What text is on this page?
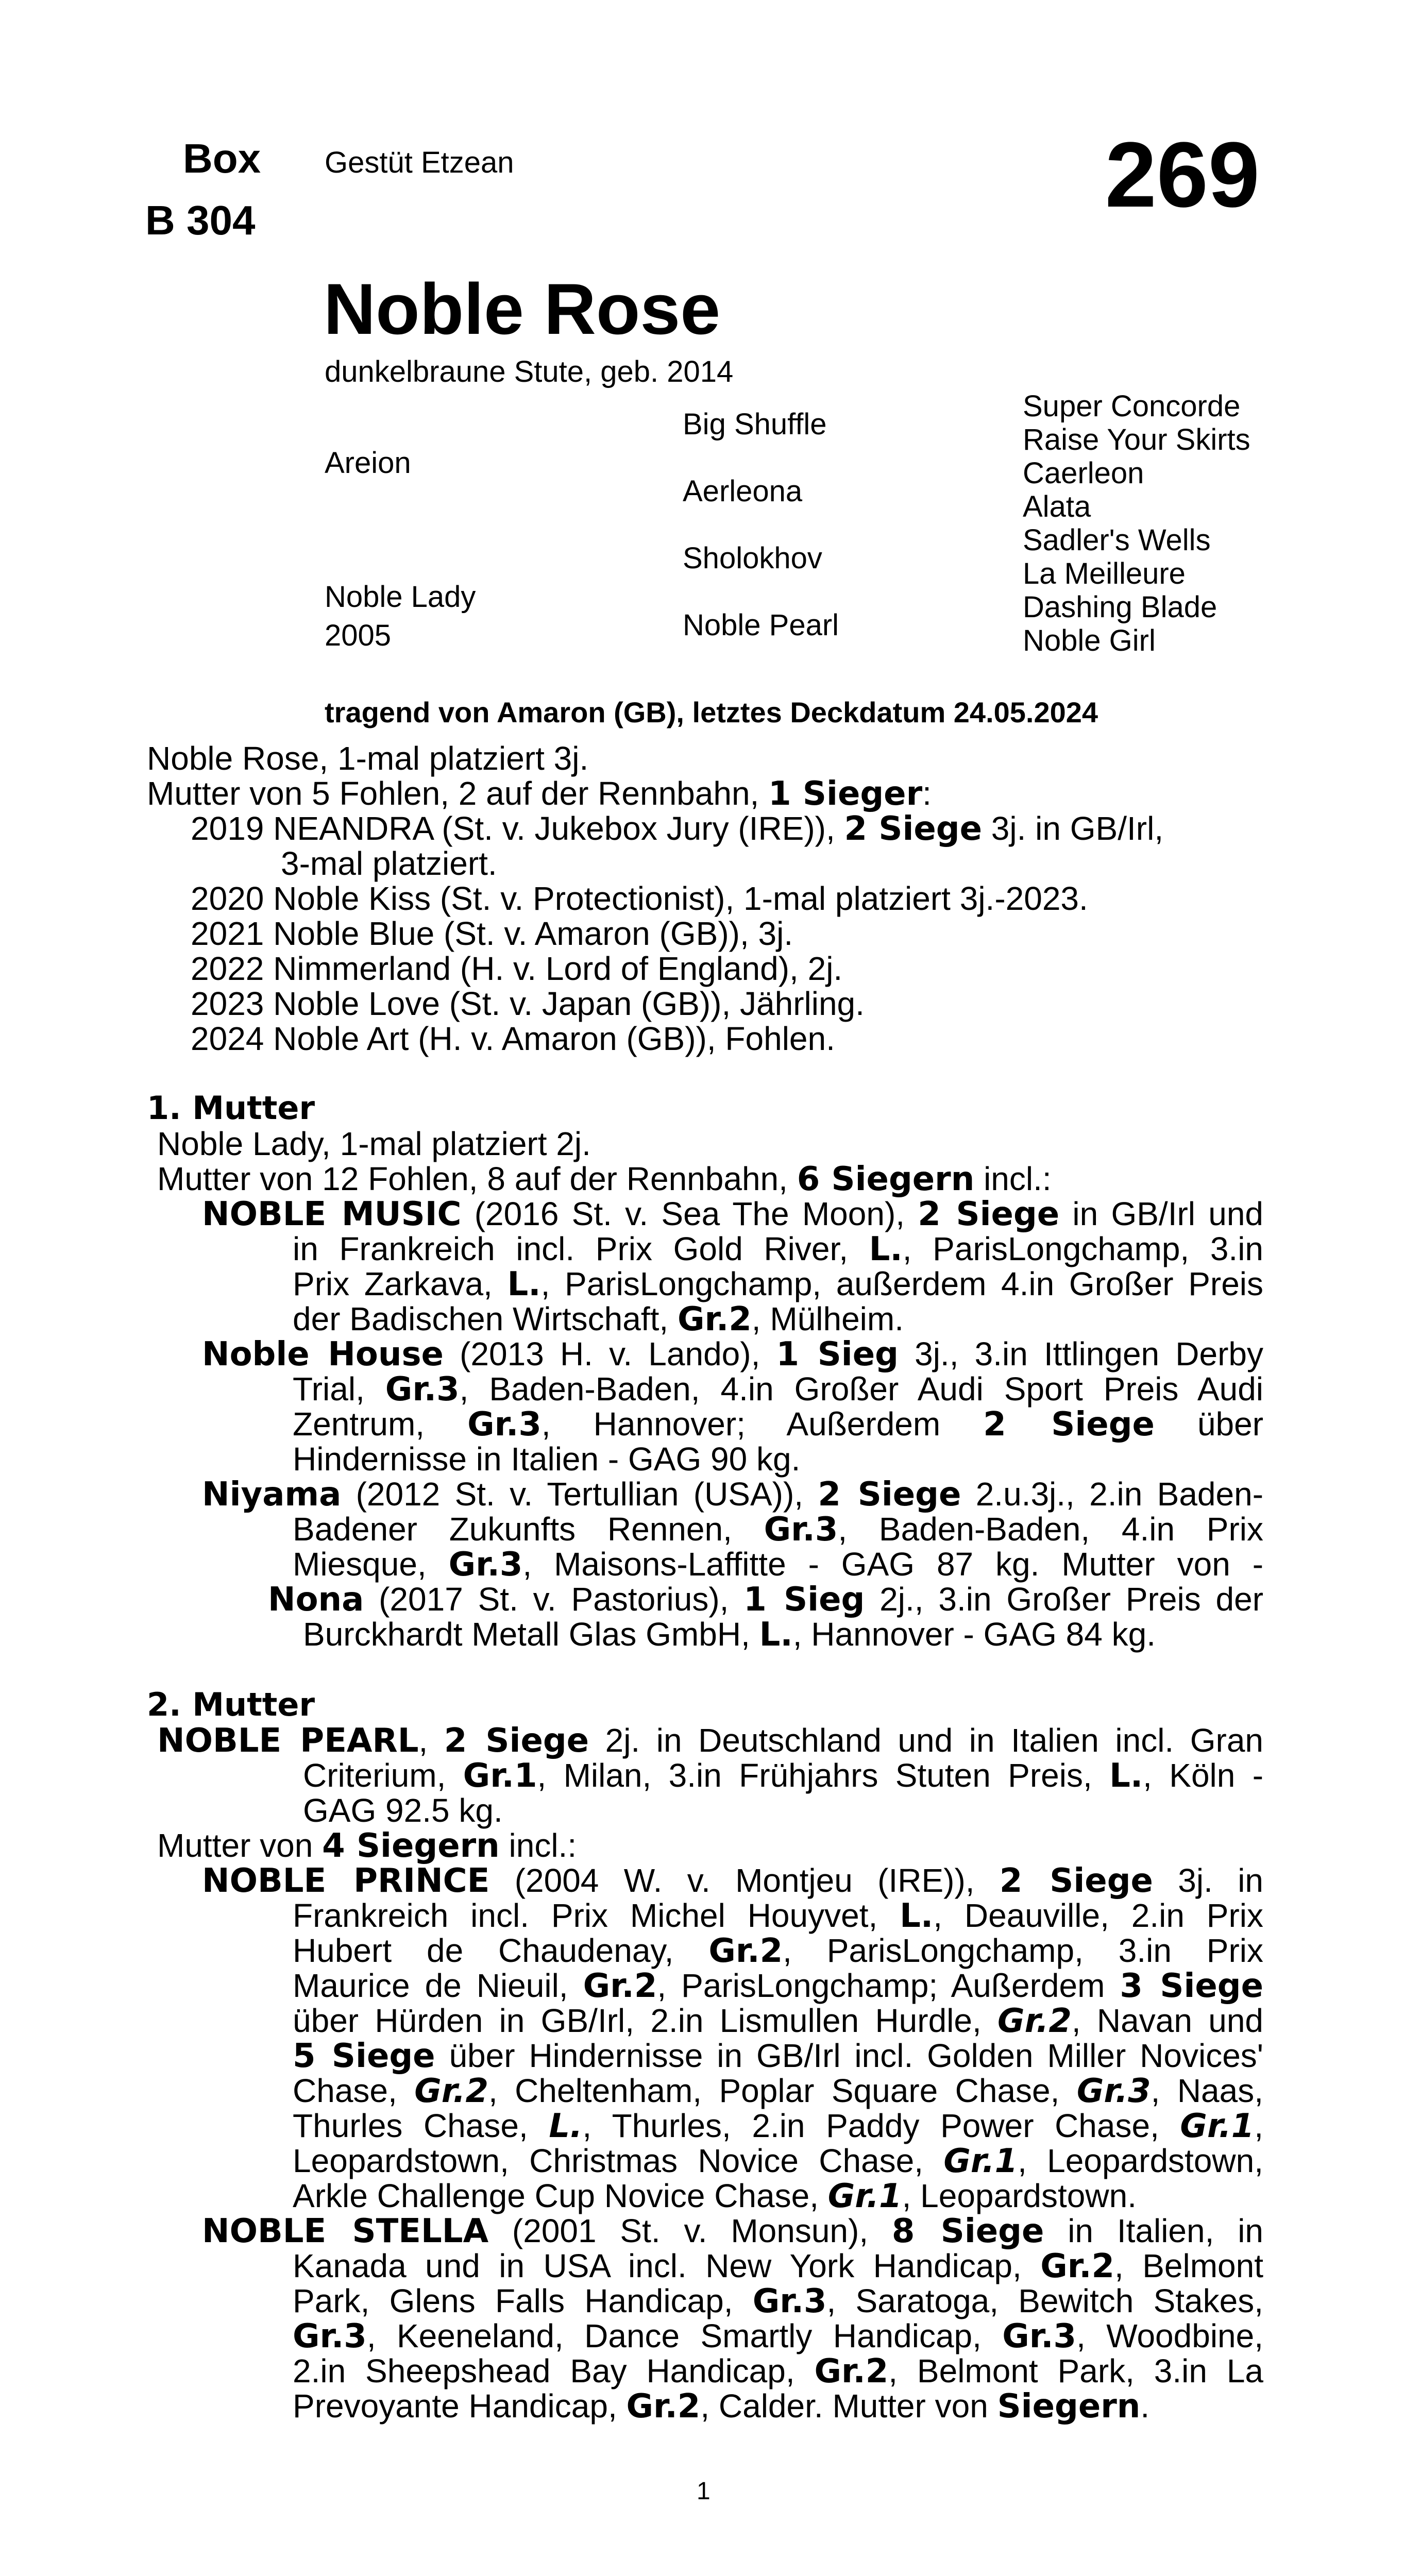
Box
B 304
Gestüt Etzean	269
Noble Rose
dunkelbraune Stute, geb. 2014
Areion
Noble Lady
2005
Big Shuffle
Aerleona
Sholokhov
Noble Pearl
Super Concorde
Raise Your Skirts
Caerleon
Alata
Sadler's Wells
La Meilleure
Dashing Blade
Noble Girl
tragend von Amaron (GB), letztes Deckdatum 24.05.2024
Noble Rose, 1-mal platziert 3j.
Mutter von 5 Fohlen, 2 auf der Rennbahn, 1 Sieger:
2019 NEANDRA (St. v. Jukebox Jury (IRE)), 2 Siege 3j. in GB/Irl,
3-mal platziert.
2020 Noble Kiss (St. v. Protectionist), 1-mal platziert 3j.-2023.
2021 Noble Blue (St. v. Amaron (GB)), 3j.
2022 Nimmerland (H. v. Lord of England), 2j.
2023 Noble Love (St. v. Japan (GB)), Jährling.
2024 Noble Art (H. v. Amaron (GB)), Fohlen.
1. Mutter
Noble Lady, 1-mal platziert 2j.
Mutter von 12 Fohlen, 8 auf der Rennbahn, 6 Siegern incl.:
NOBLE MUSIC (2016 St. v. Sea The Moon), 2 Siege in GB/Irl und
in Frankreich incl. Prix Gold River, L., ParisLongchamp, 3.in
Prix Zarkava, L., ParisLongchamp, außerdem 4.in Großer Preis
der Badischen Wirtschaft, Gr.2, Mülheim.
Noble House (2013 H. v. Lando), 1 Sieg 3j., 3.in Ittlingen Derby
Trial, Gr.3, Baden-Baden, 4.in Großer Audi Sport Preis Audi
Zentrum, Gr.3, Hannover; Außerdem 2 Siege über
Hindernisse in Italien - GAG 90 kg.
Niyama (2012 St. v. Tertullian (USA)), 2 Siege 2.u.3j., 2.in Baden-
Badener Zukunfts Rennen, Gr.3, Baden-Baden, 4.in Prix
Miesque, Gr.3, Maisons-Laffitte - GAG 87 kg. Mutter von -
Nona (2017 St. v. Pastorius), 1 Sieg 2j., 3.in Großer Preis der
Burckhardt Metall Glas GmbH, L., Hannover - GAG 84 kg.
2. Mutter
NOBLE PEARL, 2 Siege 2j. in Deutschland und in Italien incl. Gran
Criterium, Gr.1, Milan, 3.in Frühjahrs Stuten Preis, L., Köln -
GAG 92.5 kg.
Mutter von 4 Siegern incl.:
NOBLE PRINCE (2004 W. v. Montjeu (IRE)), 2 Siege 3j. in
Frankreich incl. Prix Michel Houyvet, L., Deauville, 2.in Prix
Hubert de Chaudenay, Gr.2, ParisLongchamp, 3.in Prix
Maurice de Nieuil, Gr.2, ParisLongchamp; Außerdem 3 Siege
über Hürden in GB/Irl, 2.in Lismullen Hurdle, Gr.2, Navan und
5 Siege über Hindernisse in GB/Irl incl. Golden Miller Novices'
Chase, Gr.2, Cheltenham, Poplar Square Chase, Gr.3, Naas,
Thurles Chase, L., Thurles, 2.in Paddy Power Chase, Gr.1,
Leopardstown, Christmas Novice Chase, Gr.1, Leopardstown,
Arkle Challenge Cup Novice Chase, Gr.1, Leopardstown.
NOBLE STELLA (2001 St. v. Monsun), 8 Siege in Italien, in
Kanada und in USA incl. New York Handicap, Gr.2, Belmont
Park, Glens Falls Handicap, Gr.3, Saratoga, Bewitch Stakes,
Gr.3, Keeneland, Dance Smartly Handicap, Gr.3, Woodbine,
2.in Sheepshead Bay Handicap, Gr.2, Belmont Park, 3.in La
Prevoyante Handicap, Gr.2, Calder. Mutter von Siegern.
1
